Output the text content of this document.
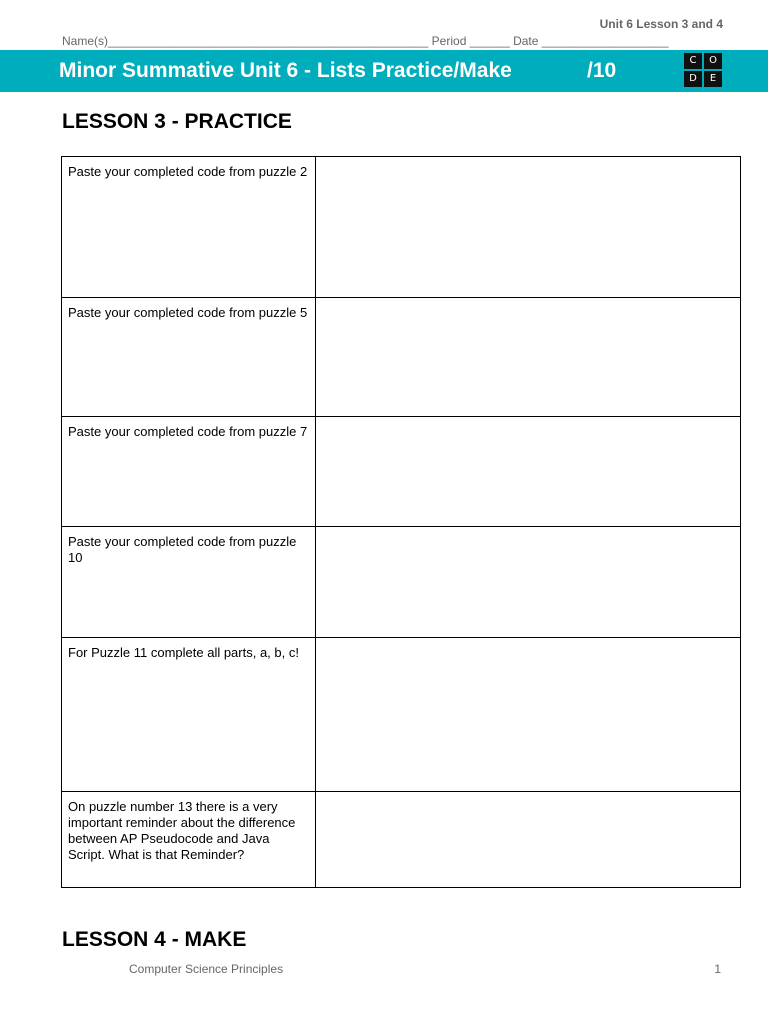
Unit 6 Lesson 3 and 4
Name(s)________________________________________________ Period ______ Date ___________________
Minor Summative Unit 6 - Lists Practice/Make	/10	C	O
D	E
LESSON 3 - PRACTICE
Paste your completed code from puzzle 2	
Paste your completed code from puzzle 5	
Paste your completed code from puzzle 7	
Paste your completed code from puzzle 10	
For Puzzle 11 complete all parts, a, b, c!	
On puzzle number 13 there is a very important reminder about the difference between AP Pseudocode and Java Script. What is that Reminder?	
LESSON 4 - MAKE
Computer Science Principles	1
